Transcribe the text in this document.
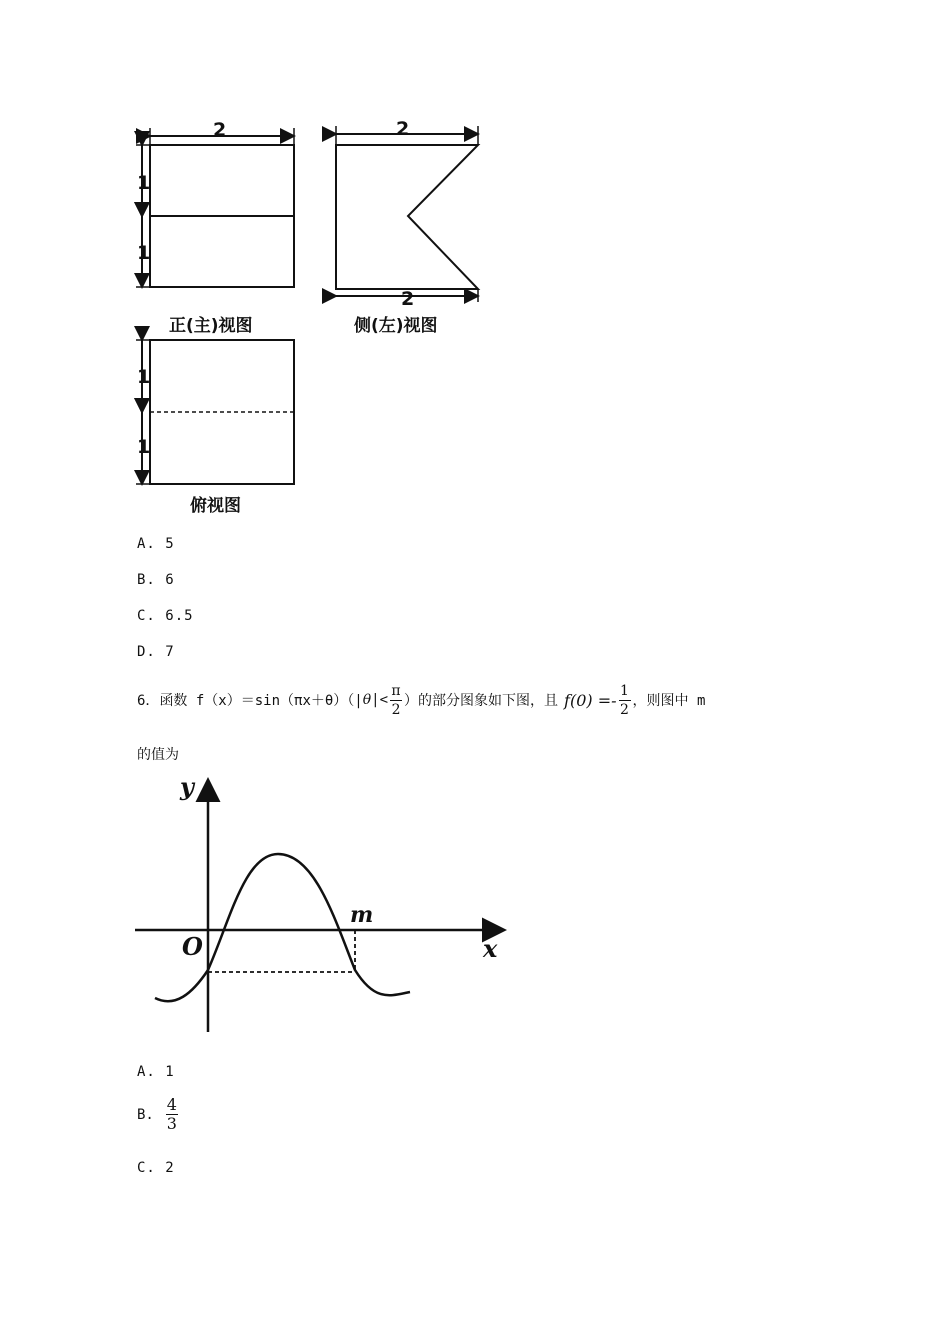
2
1
1
正(主)视图
2
2
侧(左)视图
1
1
俯视图
A. 5
B. 6
C. 6.5
D. 7
6． 函数 f（x）＝sin（πx＋θ）（| θ |< $\frac{\pi}{2}$ ）的部分图象如下图，且 $f(0) =- \frac{1}{2}$ ，则图中 m
的值为
y
x
O
m
A. 1
B. $\frac{4}{3}$
C. 2
